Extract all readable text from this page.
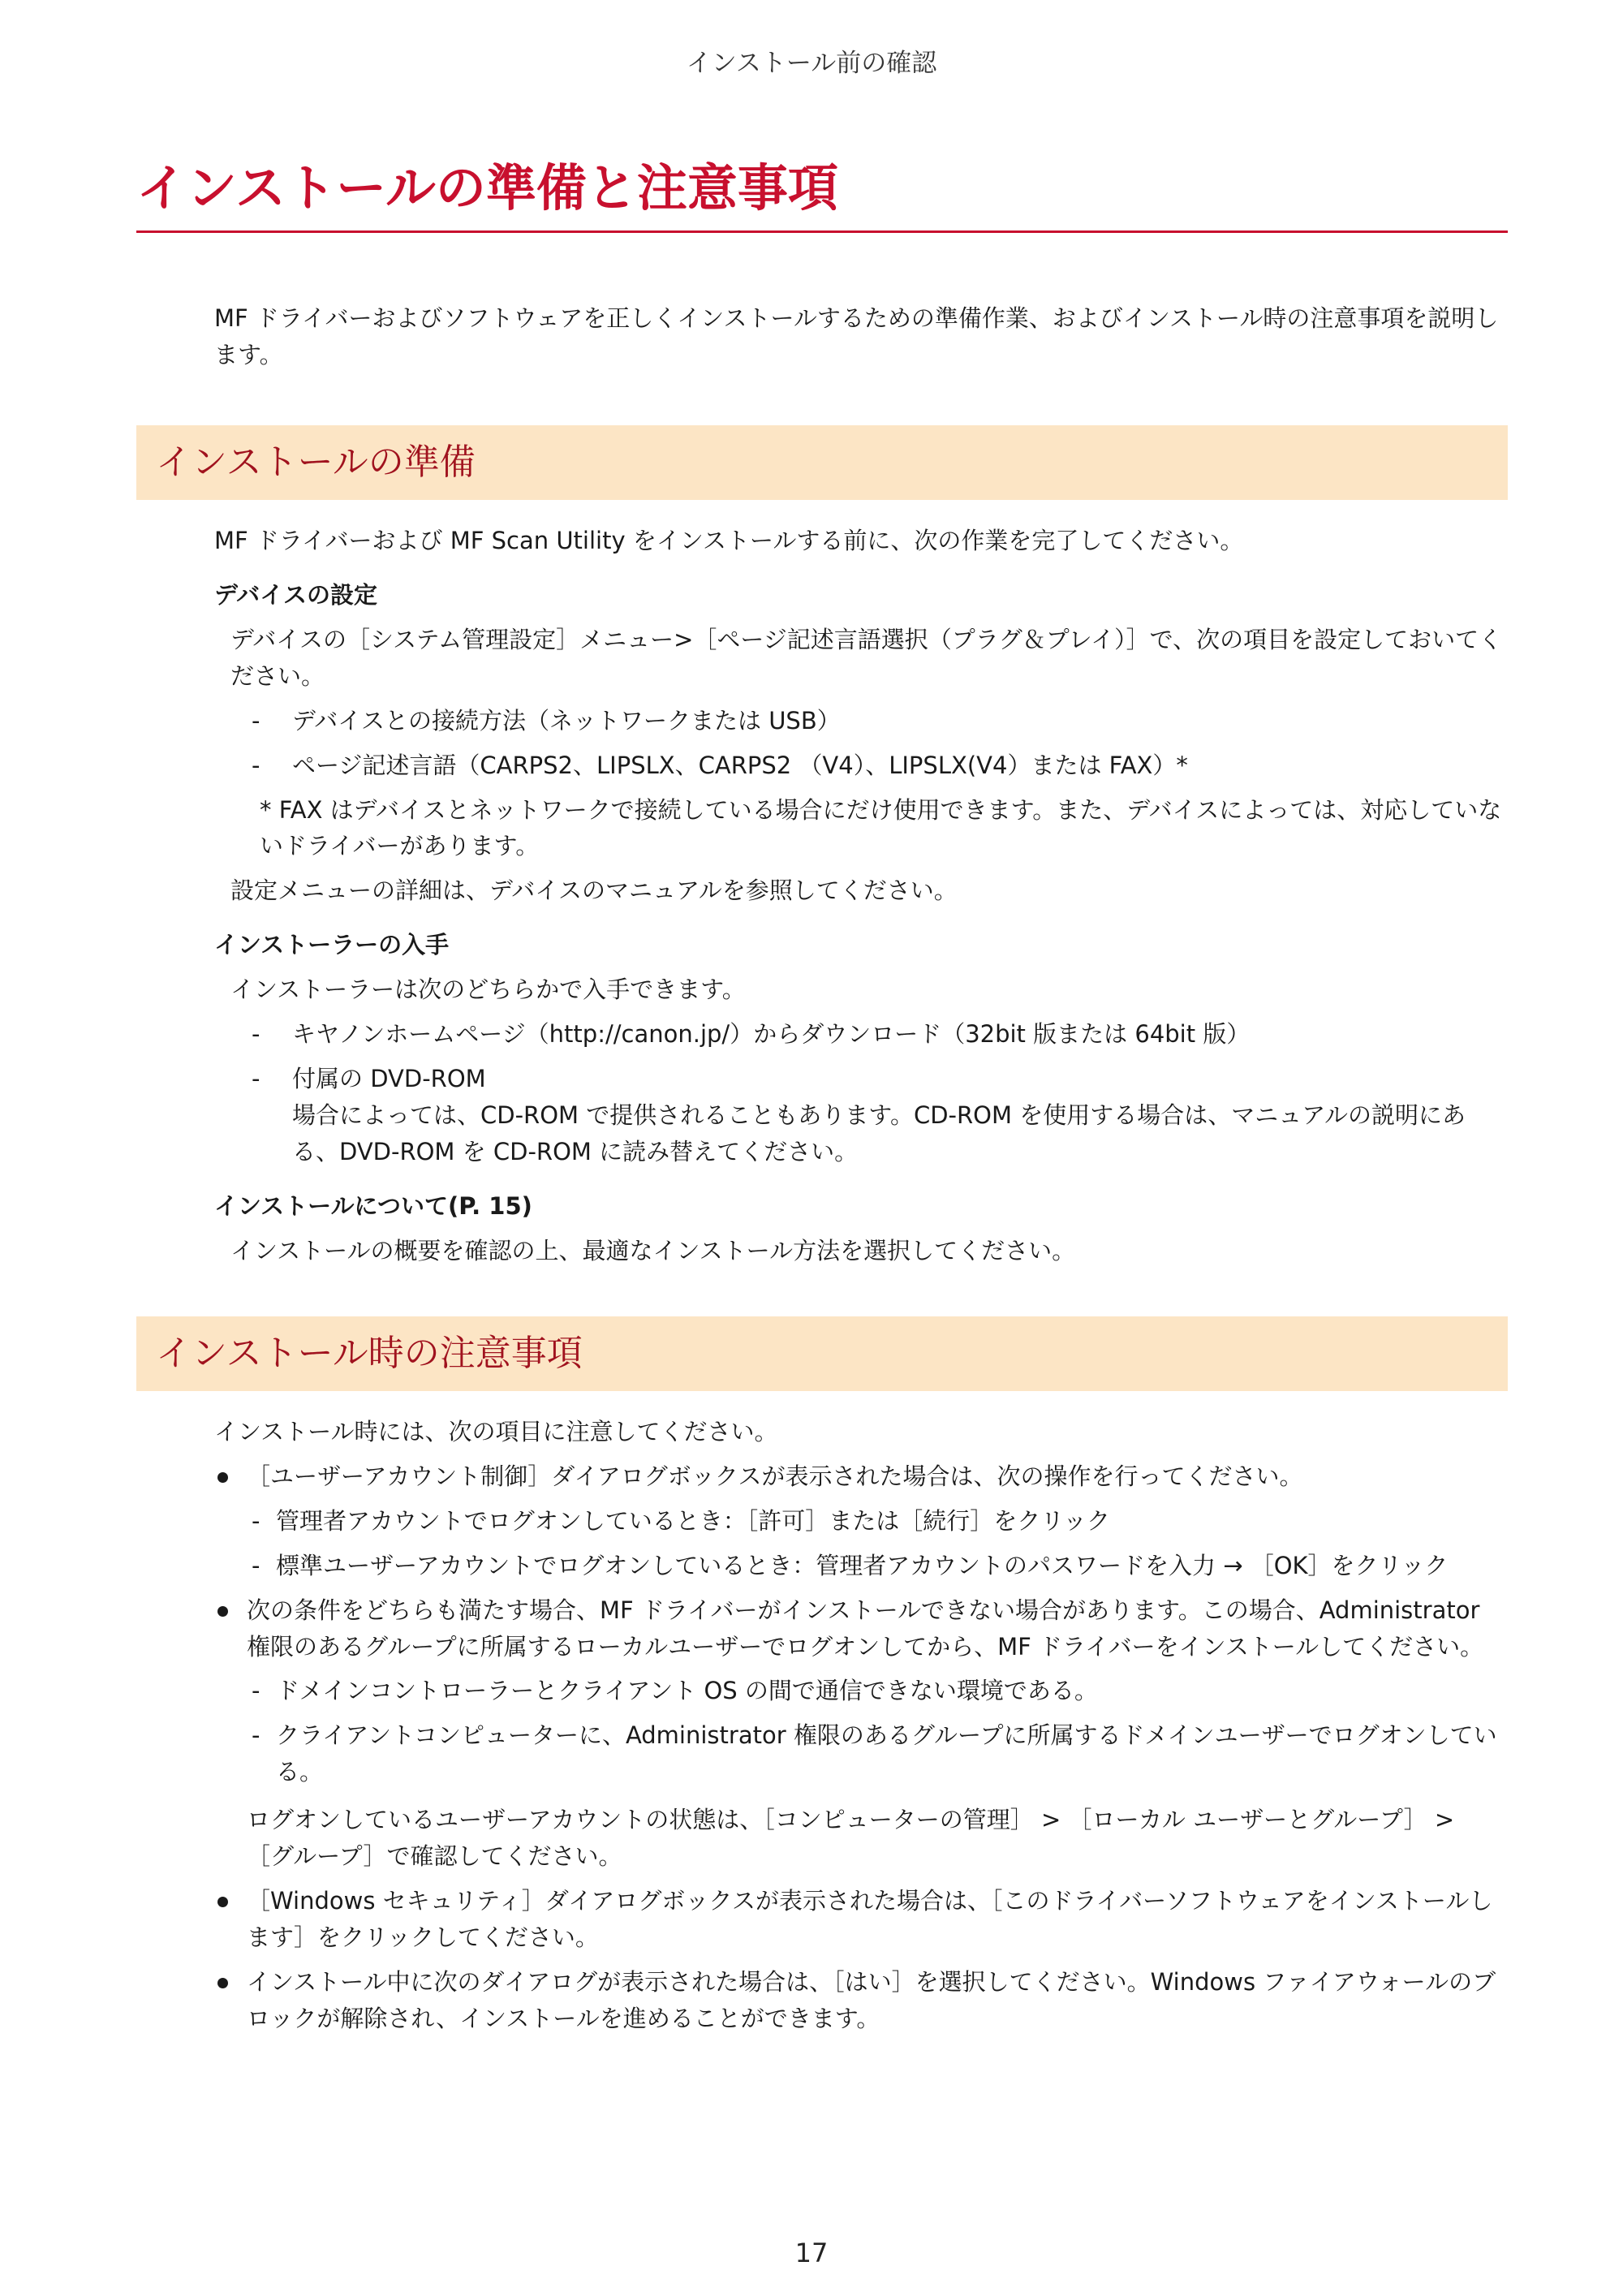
インストール前の確認
インストールの準備と注意事項

MF ドライバーおよびソフトウェアを正しくインストールするための準備作業、およびインストール時の注意事項を説明します。

インストールの準備

MF ドライバーおよび MF Scan Utility をインストールする前に、次の作業を完了してください。

デバイスの設定

デバイスの［システム管理設定］メニュー>［ページ記述言語選択（プラグ＆プレイ）］で、次の項目を設定しておいてください。

- デバイスとの接続方法（ネットワークまたは USB）
- ページ記述言語（CARPS2、LIPSLX、CARPS2 （V4）、LIPSLX(V4）または FAX）*

* FAX はデバイスとネットワークで接続している場合にだけ使用できます。また、デバイスによっては、対応していないドライバーがあります。

設定メニューの詳細は、デバイスのマニュアルを参照してください。

インストーラーの入手

インストーラーは次のどちらかで入手できます。

- キヤノンホームページ（http://canon.jp/）からダウンロード（32bit 版または 64bit 版）
- 付属の DVD-ROM
場合によっては、CD-ROM で提供されることもあります。CD-ROM を使用する場合は、マニュアルの説明にある、DVD-ROM を CD-ROM に読み替えてください。
インストールについて(P. 15)

インストールの概要を確認の上、最適なインストール方法を選択してください。

インストール時の注意事項

インストール時には、次の項目に注意してください。

［ユーザーアカウント制御］ダイアログボックスが表示された場合は、次の操作を行ってください。
- 管理者アカウントでログオンしているとき：［許可］または［続行］をクリック
- 標準ユーザーアカウントでログオンしているとき：管理者アカウントのパスワードを入力 → ［OK］をクリック
次の条件をどちらも満たす場合、MF ドライバーがインストールできない場合があります。この場合、Administrator 権限のあるグループに所属するローカルユーザーでログオンしてから、MF ドライバーをインストールしてください。
- ドメインコントローラーとクライアント OS の間で通信できない環境である。
- クライアントコンピューターに、Administrator 権限のあるグループに所属するドメインユーザーでログオンしている。

ログオンしているユーザーアカウントの状態は、［コンピューターの管理］ > ［ローカル ユーザーとグループ］ > ［グループ］で確認してください。

［Windows セキュリティ］ダイアログボックスが表示された場合は、［このドライバーソフトウェアをインストールします］をクリックしてください。
インストール中に次のダイアログが表示された場合は、［はい］を選択してください。Windows ファイアウォールのブロックが解除され、インストールを進めることができます。
17
